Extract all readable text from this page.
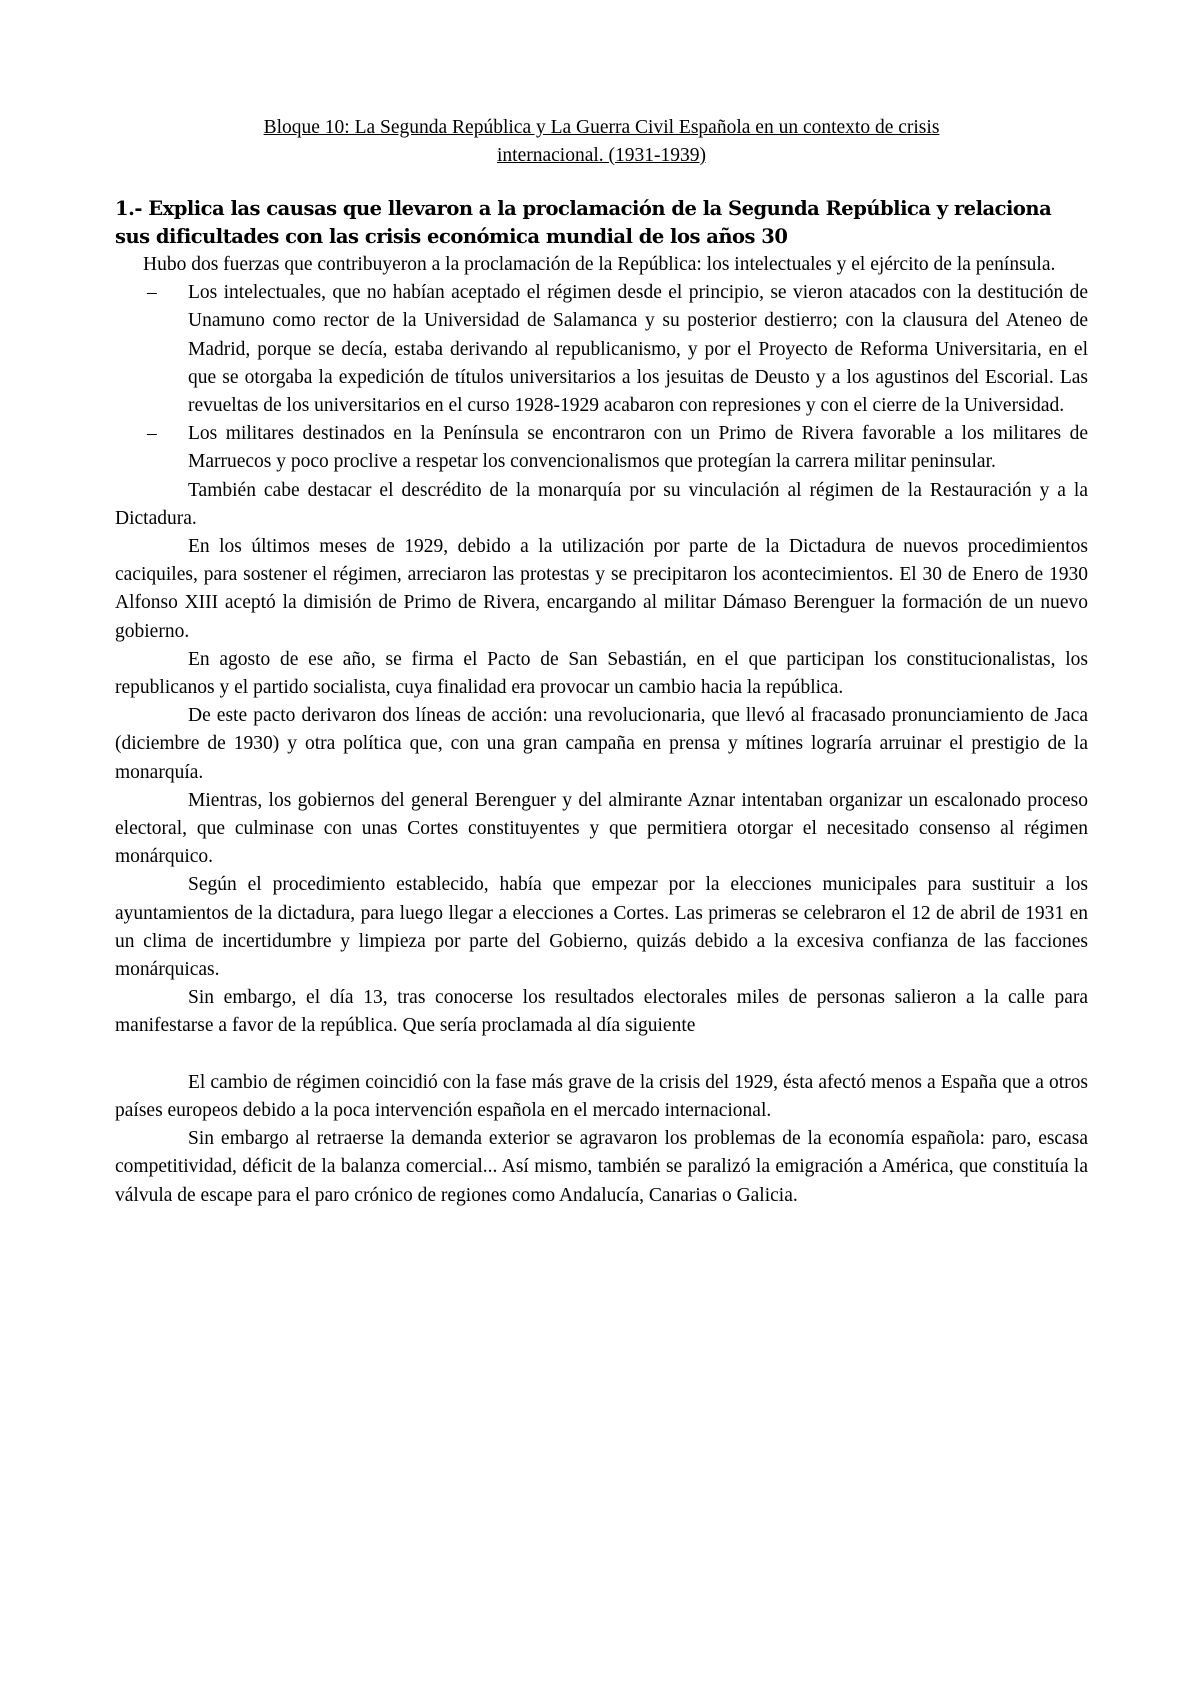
Bloque 10: La Segunda República y La Guerra Civil Española en un contexto de crisis
internacional. (1931-1939)

1.- Explica las causas que llevaron a la proclamación de la Segunda República y relaciona sus dificultades con las crisis económica mundial de los años 30

Hubo dos fuerzas que contribuyeron a la proclamación de la República: los intelectuales y el ejército de la península.

– Los intelectuales, que no habían aceptado el régimen desde el principio, se vieron atacados con la destitución de Unamuno como rector de la Universidad de Salamanca y su posterior destierro; con la clausura del Ateneo de Madrid, porque se decía, estaba derivando al republicanismo, y por el Proyecto de Reforma Universitaria, en el que se otorgaba la expedición de títulos universitarios a los jesuitas de Deusto y a los agustinos del Escorial. Las revueltas de los universitarios en el curso 1928-1929 acabaron con represiones y con el cierre de la Universidad.
– Los militares destinados en la Península se encontraron con un Primo de Rivera favorable a los militares de Marruecos y poco proclive a respetar los convencionalismos que protegían la carrera militar peninsular.

También cabe destacar el descrédito de la monarquía por su vinculación al régimen de la Restauración y a la Dictadura.

En los últimos meses de 1929, debido a la utilización por parte de la Dictadura de nuevos procedimientos caciquiles, para sostener el régimen, arreciaron las protestas y se precipitaron los acontecimientos. El 30 de Enero de 1930 Alfonso XIII aceptó la dimisión de Primo de Rivera, encargando al militar Dámaso Berenguer la formación de un nuevo gobierno.

En agosto de ese año, se firma el Pacto de San Sebastián, en el que participan los constitucionalistas, los republicanos y el partido socialista, cuya finalidad era provocar un cambio hacia la república.

De este pacto derivaron dos líneas de acción: una revolucionaria, que llevó al fracasado pronunciamiento de Jaca (diciembre de 1930) y otra política que, con una gran campaña en prensa y mítines lograría arruinar el prestigio de la monarquía.

Mientras, los gobiernos del general Berenguer y del almirante Aznar intentaban organizar un escalonado proceso electoral, que culminase con unas Cortes constituyentes y que permitiera otorgar el necesitado consenso al régimen monárquico.

Según el procedimiento establecido, había que empezar por la elecciones municipales para sustituir a los ayuntamientos de la dictadura, para luego llegar a elecciones a Cortes. Las primeras se celebraron el 12 de abril de 1931 en un clima de incertidumbre y limpieza por parte del Gobierno, quizás debido a la excesiva confianza de las facciones monárquicas.

Sin embargo, el día 13, tras conocerse los resultados electorales miles de personas salieron a la calle para manifestarse a favor de la república. Que sería proclamada al día siguiente

El cambio de régimen coincidió con la fase más grave de la crisis del 1929, ésta afectó menos a España que a otros países europeos debido a la poca intervención española en el mercado internacional.

Sin embargo al retraerse la demanda exterior se agravaron los problemas de la economía española: paro, escasa competitividad, déficit de la balanza comercial... Así mismo, también se paralizó la emigración a América, que constituía la válvula de escape para el paro crónico de regiones como Andalucía, Canarias o Galicia.
